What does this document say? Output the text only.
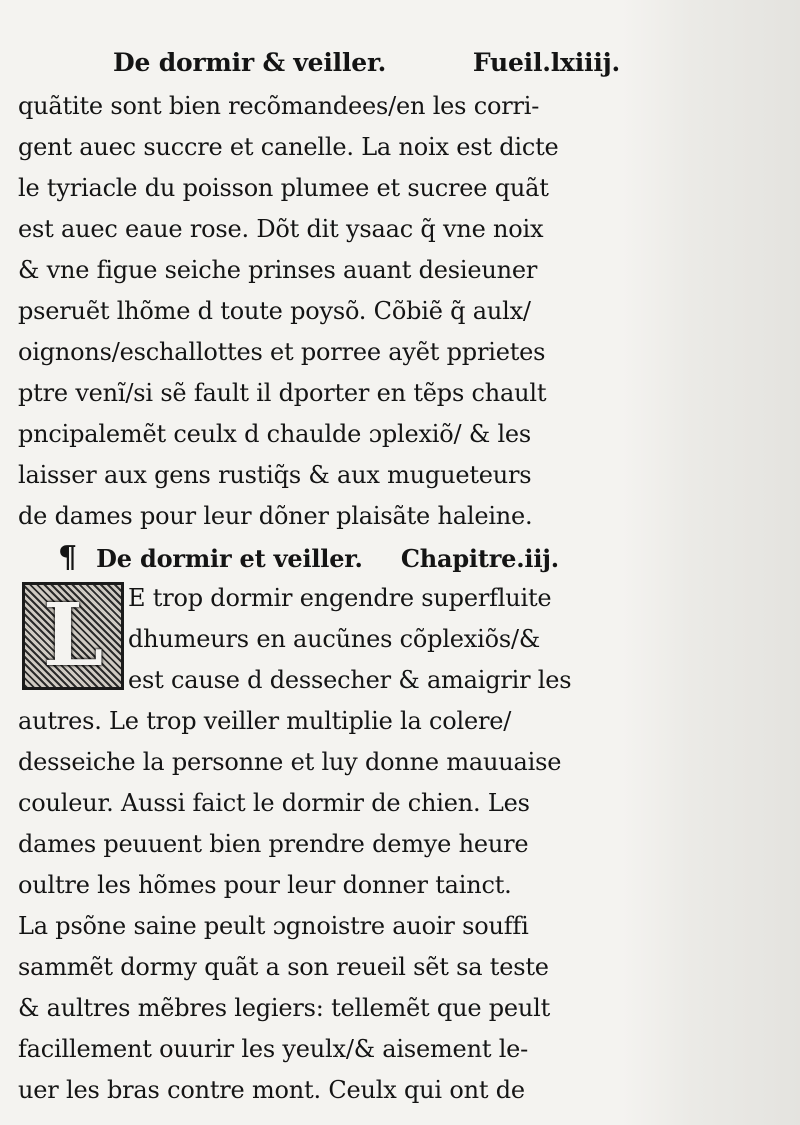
De dormir & veiller.	Fueil.lxiiij.
quãtite sont bien recõmandees/en les corri-
gent auec succre et canelle. La noix est dicte
le tyriacle du poisson plumee et sucree quãt
est auec eaue rose. Dõt dit ysaac q̃ vne noix
& vne figue seiche prinses auant desieuner
pseruẽt lhõme d toute poysõ. Cõbiẽ q̃ aulx/
oignons/eschallottes et porree ayẽt pprietes
ptre venĩ/si sẽ fault il dporter en tẽps chault
pncipalemẽt ceulx d chaulde ɔplexiõ/ & les
laisser aux gens rustiq̃s & aux mugueteurs
de dames pour leur dõner plaisãte haleine.
¶ De dormir et veiller. Chapitre.iij.
L E trop dormir engendre superfluite
dhumeurs en aucũnes cõplexiõs/&
est cause d dessecher & amaigrir les
autres. Le trop veiller multiplie la colere/
desseiche la personne et luy donne mauuaise
couleur. Aussi faict le dormir de chien. Les
dames peuuent bien prendre demye heure
oultre les hõmes pour leur donner tainct.
La psõne saine peult ɔgnoistre auoir souffi
sammẽt dormy quãt a son reueil sẽt sa teste
& aultres mẽbres legiers: tellemẽt que peult
facillement ouurir les yeulx/& aisement le-
uer les bras contre mont. Ceulx qui ont de
